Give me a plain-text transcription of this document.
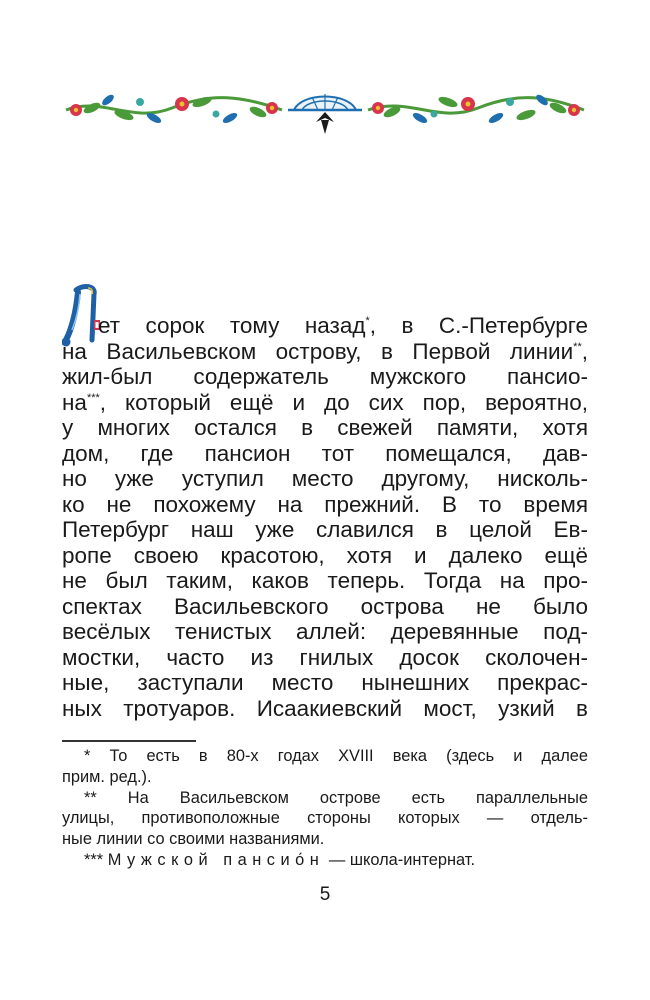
ет сорок тому назад*, в С.-Петербурге
на Васильевском острову, в Первой линии**,
жил-был содержатель мужского пансио-
на***, который ещё и до сих пор, вероятно,
у многих остался в свежей памяти, хотя
дом, где пансион тот помещался, дав-
но уже уступил место другому, нисколь-
ко не похожему на прежний. В то время
Петербург наш уже славился в целой Ев-
ропе своею красотою, хотя и далеко ещё
не был таким, каков теперь. Тогда на про-
спектах Васильевского острова не было
весёлых тенистых аллей: деревянные под-
мостки, часто из гнилых досок сколочен-
ные, заступали место нынешних прекрас-
ных тротуаров. Исаакиевский мост, узкий в
* То есть в 80-х годах XVIII века (здесь и далее
прим. ред.).
** На Васильевском острове есть параллельные
улицы, противоположные стороны которых — отдель-
ные линии со своими названиями.
*** Мужской пансио́н — школа-интернат.
5
